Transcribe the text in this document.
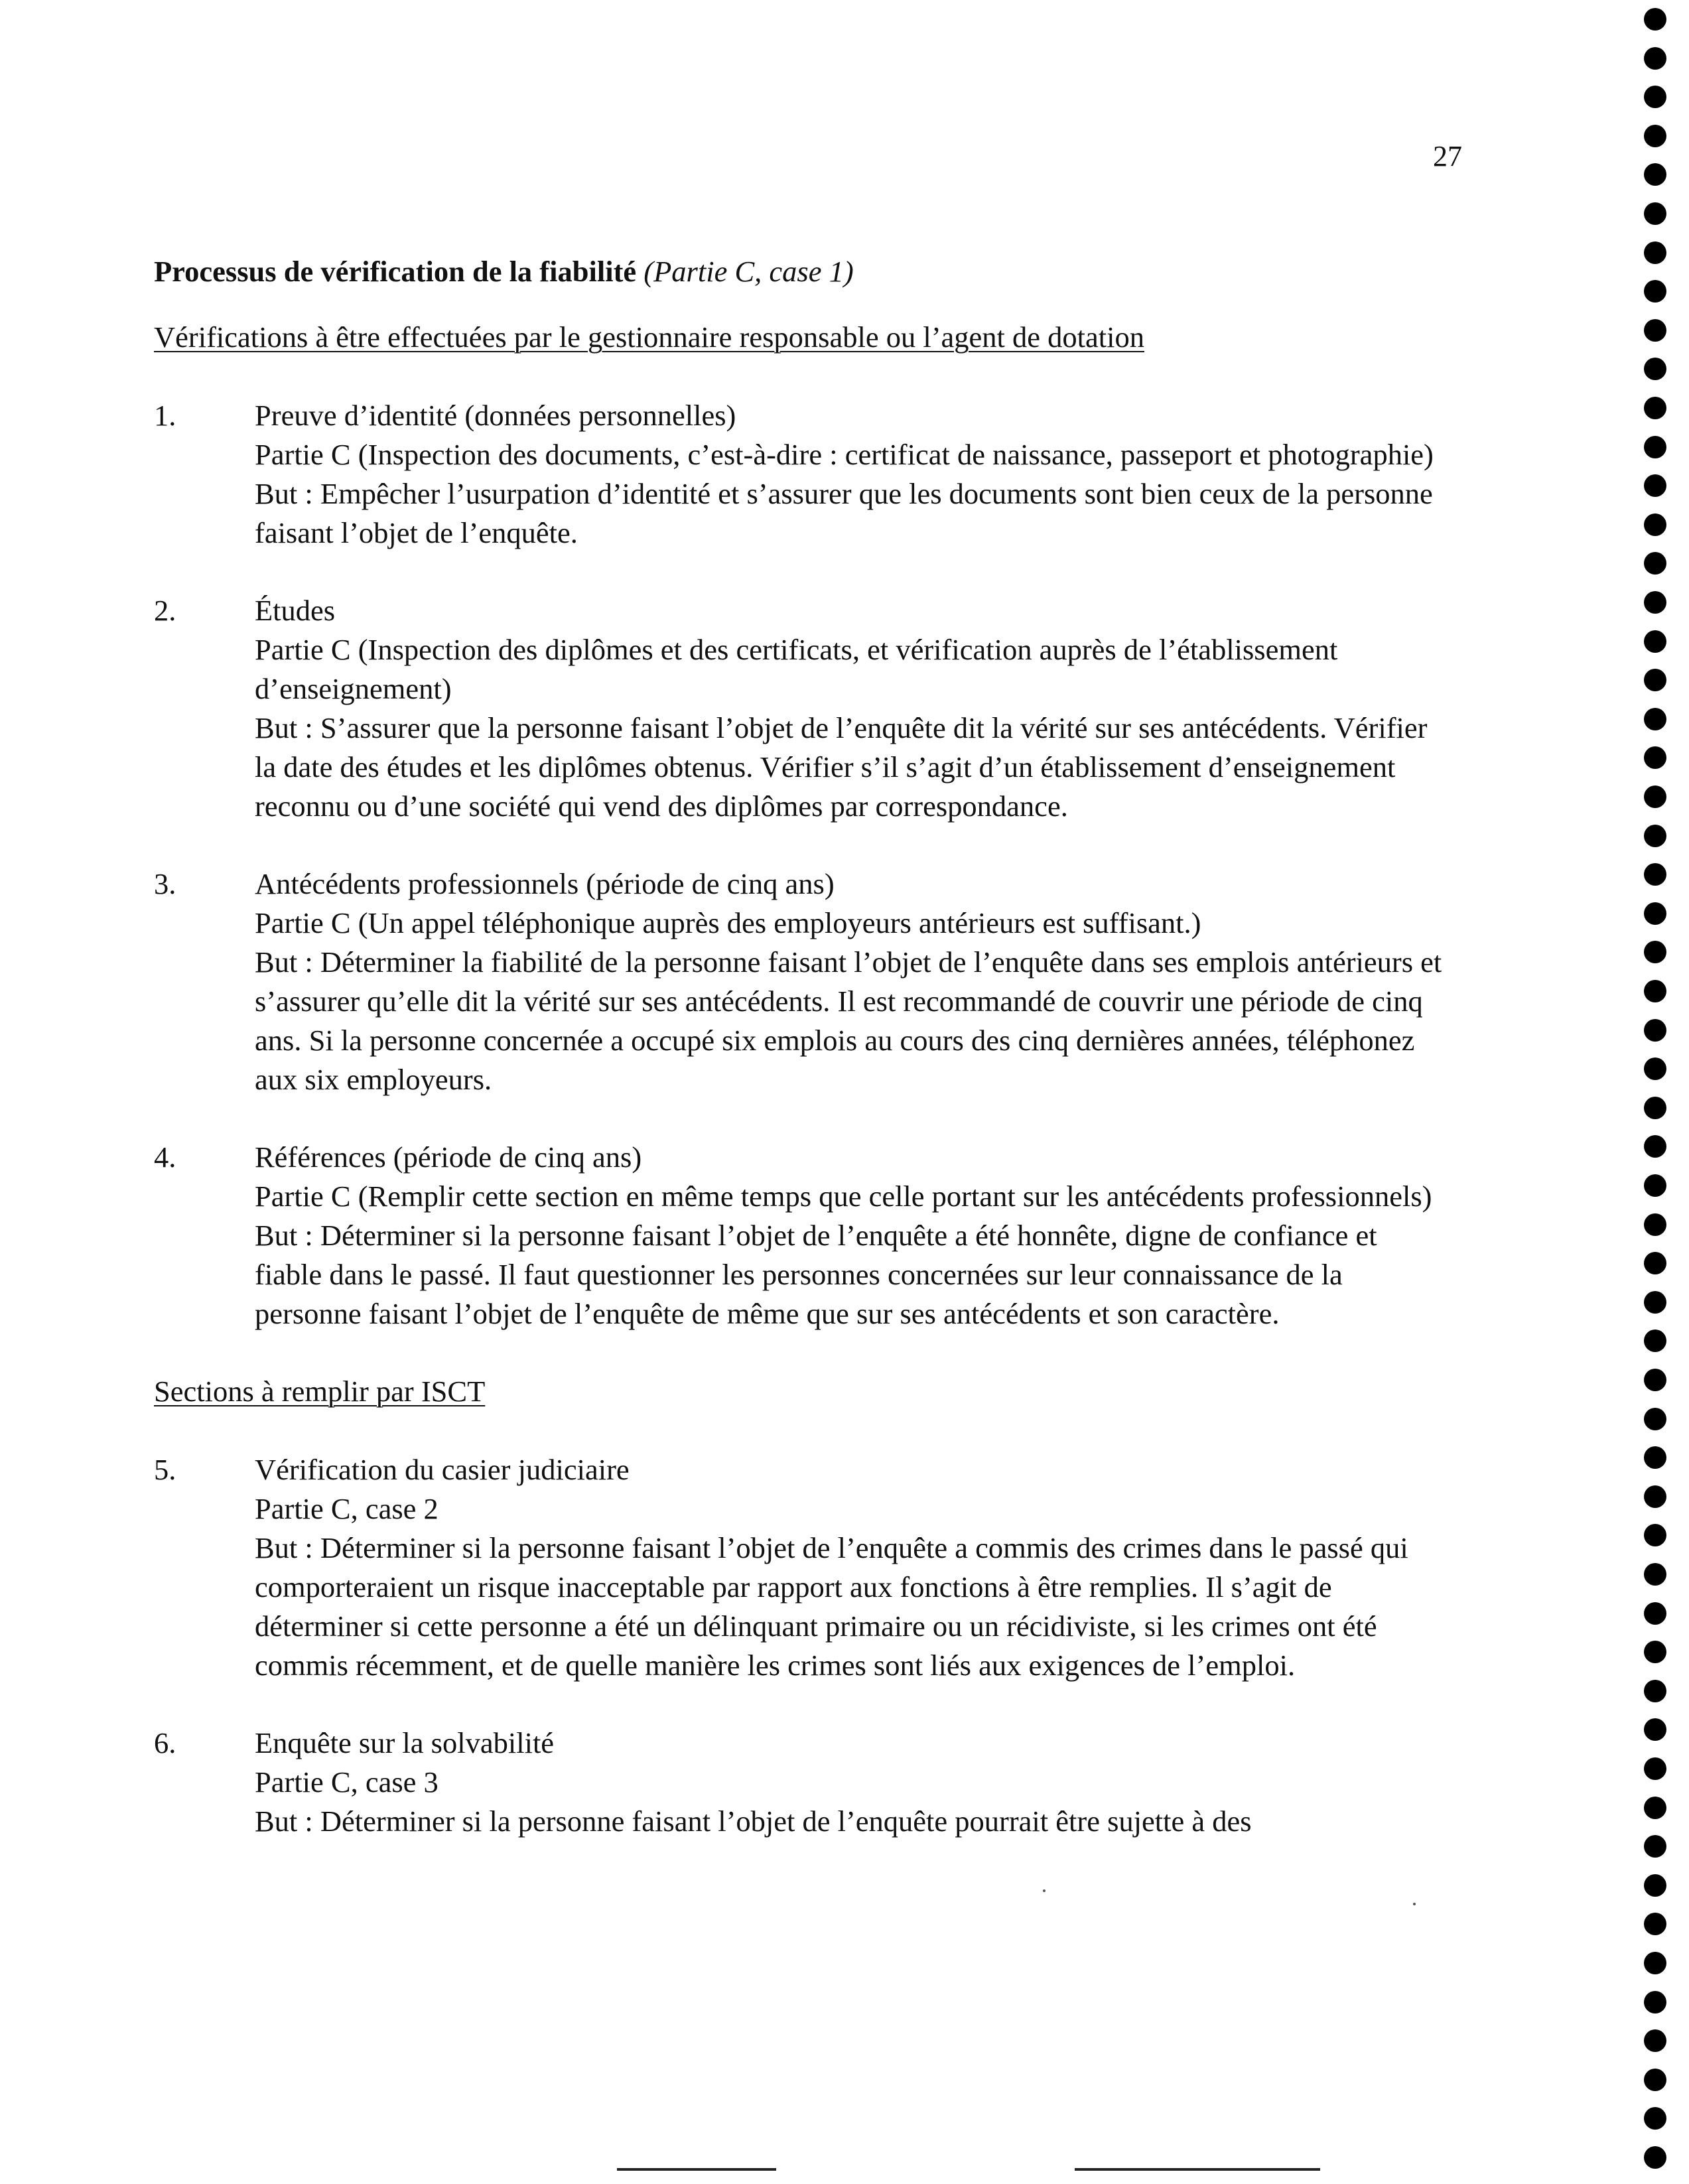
27

Processus de vérification de la fiabilité (Partie C, case 1)

Vérifications à être effectuées par le gestionnaire responsable ou l’agent de dotation

1.	Preuve d’identité (données personnelles)
Partie C (Inspection des documents, c’est-à-dire : certificat de naissance, passeport et photographie)
But : Empêcher l’usurpation d’identité et s’assurer que les documents sont bien ceux de la personne faisant l’objet de l’enquête.
2.	Études
Partie C (Inspection des diplômes et des certificats, et vérification auprès de l’établissement d’enseignement)
But : S’assurer que la personne faisant l’objet de l’enquête dit la vérité sur ses antécédents. Vérifier la date des études et les diplômes obtenus. Vérifier s’il s’agit d’un établissement d’enseignement reconnu ou d’une société qui vend des diplômes par correspondance.
3.	Antécédents professionnels (période de cinq ans)
Partie C (Un appel téléphonique auprès des employeurs antérieurs est suffisant.)
But : Déterminer la fiabilité de la personne faisant l’objet de l’enquête dans ses emplois antérieurs et s’assurer qu’elle dit la vérité sur ses antécédents. Il est recommandé de couvrir une période de cinq ans. Si la personne concernée a occupé six emplois au cours des cinq dernières années, téléphonez aux six employeurs.
4.	Références (période de cinq ans)
Partie C (Remplir cette section en même temps que celle portant sur les antécédents professionnels)
But : Déterminer si la personne faisant l’objet de l’enquête a été honnête, digne de confiance et fiable dans le passé. Il faut questionner les personnes concernées sur leur connaissance de la personne faisant l’objet de l’enquête de même que sur ses antécédents et son caractère.

Sections à remplir par ISCT

5.	Vérification du casier judiciaire
Partie C, case 2
But : Déterminer si la personne faisant l’objet de l’enquête a commis des crimes dans le passé qui comporteraient un risque inacceptable par rapport aux fonctions à être remplies. Il s’agit de déterminer si cette personne a été un délinquant primaire ou un récidiviste, si les crimes ont été commis récemment, et de quelle manière les crimes sont liés aux exigences de l’emploi.
6.	Enquête sur la solvabilité
Partie C, case 3
But : Déterminer si la personne faisant l’objet de l’enquête pourrait être sujette à des
